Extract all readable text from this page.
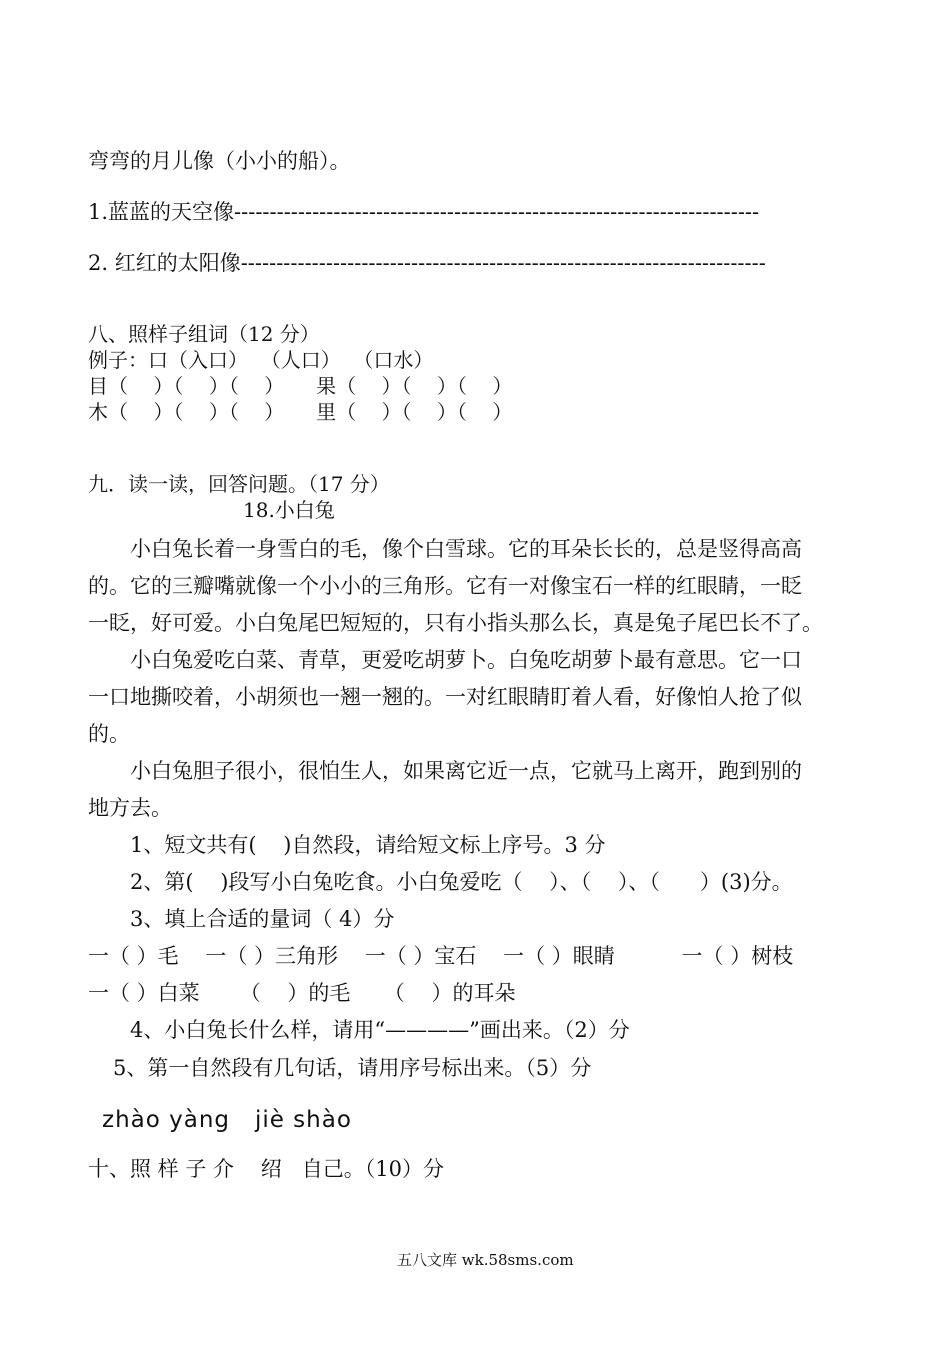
弯弯的月儿像（小小的船）。
1.蓝蓝的天空像--------------------------------------------------------------------------
2. 红红的太阳像--------------------------------------------------------------------------
八、照样子组词（12 分）
例子：口（入口）  （人口）  （口水）
目（    ）（    ）（    ）     果（    ）（    ）（    ）
木（    ）（    ）（    ）     里（    ）（    ）（    ）
九．读一读，回答问题。（17 分）
18.小白兔
小白兔长着一身雪白的毛，像个白雪球。它的耳朵长长的，总是竖得高高
的。它的三瓣嘴就像一个小小的三角形。它有一对像宝石一样的红眼睛，一眨
一眨，好可爱。小白兔尾巴短短的，只有小指头那么长，真是兔子尾巴长不了。
小白兔爱吃白菜、青草，更爱吃胡萝卜。白兔吃胡萝卜最有意思。它一口
一口地撕咬着，小胡须也一翘一翘的。一对红眼睛盯着人看，好像怕人抢了似
的。
小白兔胆子很小，很怕生人，如果离它近一点，它就马上离开，跑到别的
地方去。
1、短文共有(    )自然段，请给短文标上序号。3 分
2、第(    )段写小白兔吃食。小白兔爱吃（    ）、（    ）、（      ）(3)分。
3、填上合适的量词（ 4）分
一（ ）毛    一（ ）三角形    一（ ）宝石    一（ ）眼睛          一（ ）树枝
一（ ）白菜      （    ）的毛     （    ）的耳朵
4、小白兔长什么样，请用“————”画出来。（2）分
5、第一自然段有几句话，请用序号标出来。（5）分
zhào yàng   jiè shào
十、照 样 子 介    绍   自己。（10）分
五八文库 wk.58sms.com
